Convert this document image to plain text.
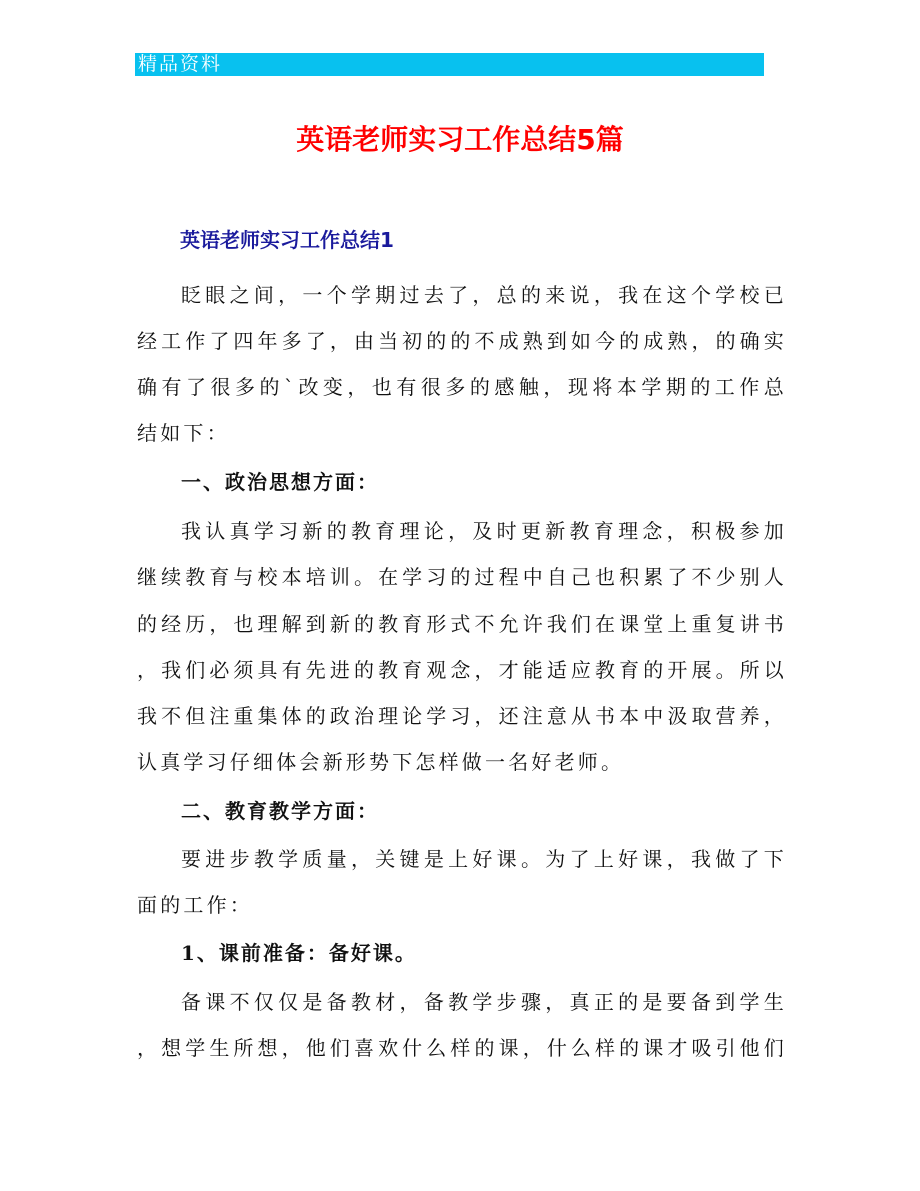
精品资料
英语老师实习工作总结5篇
英语老师实习工作总结1
眨眼之间，一个学期过去了，总的来说，我在这个学校已
经工作了四年多了，由当初的的不成熟到如今的成熟，的确实
确有了很多的`改变，也有很多的感触，现将本学期的工作总
结如下：
一、政治思想方面：
我认真学习新的教育理论，及时更新教育理念，积极参加
继续教育与校本培训。在学习的过程中自己也积累了不少别人
的经历，也理解到新的教育形式不允许我们在课堂上重复讲书
，我们必须具有先进的教育观念，才能适应教育的开展。所以
我不但注重集体的政治理论学习，还注意从书本中汲取营养，
认真学习仔细体会新形势下怎样做一名好老师。
二、教育教学方面：
要进步教学质量，关键是上好课。为了上好课，我做了下
面的工作：
1、课前准备：备好课。
备课不仅仅是备教材，备教学步骤，真正的是要备到学生
，想学生所想，他们喜欢什么样的课，什么样的课才吸引他们
